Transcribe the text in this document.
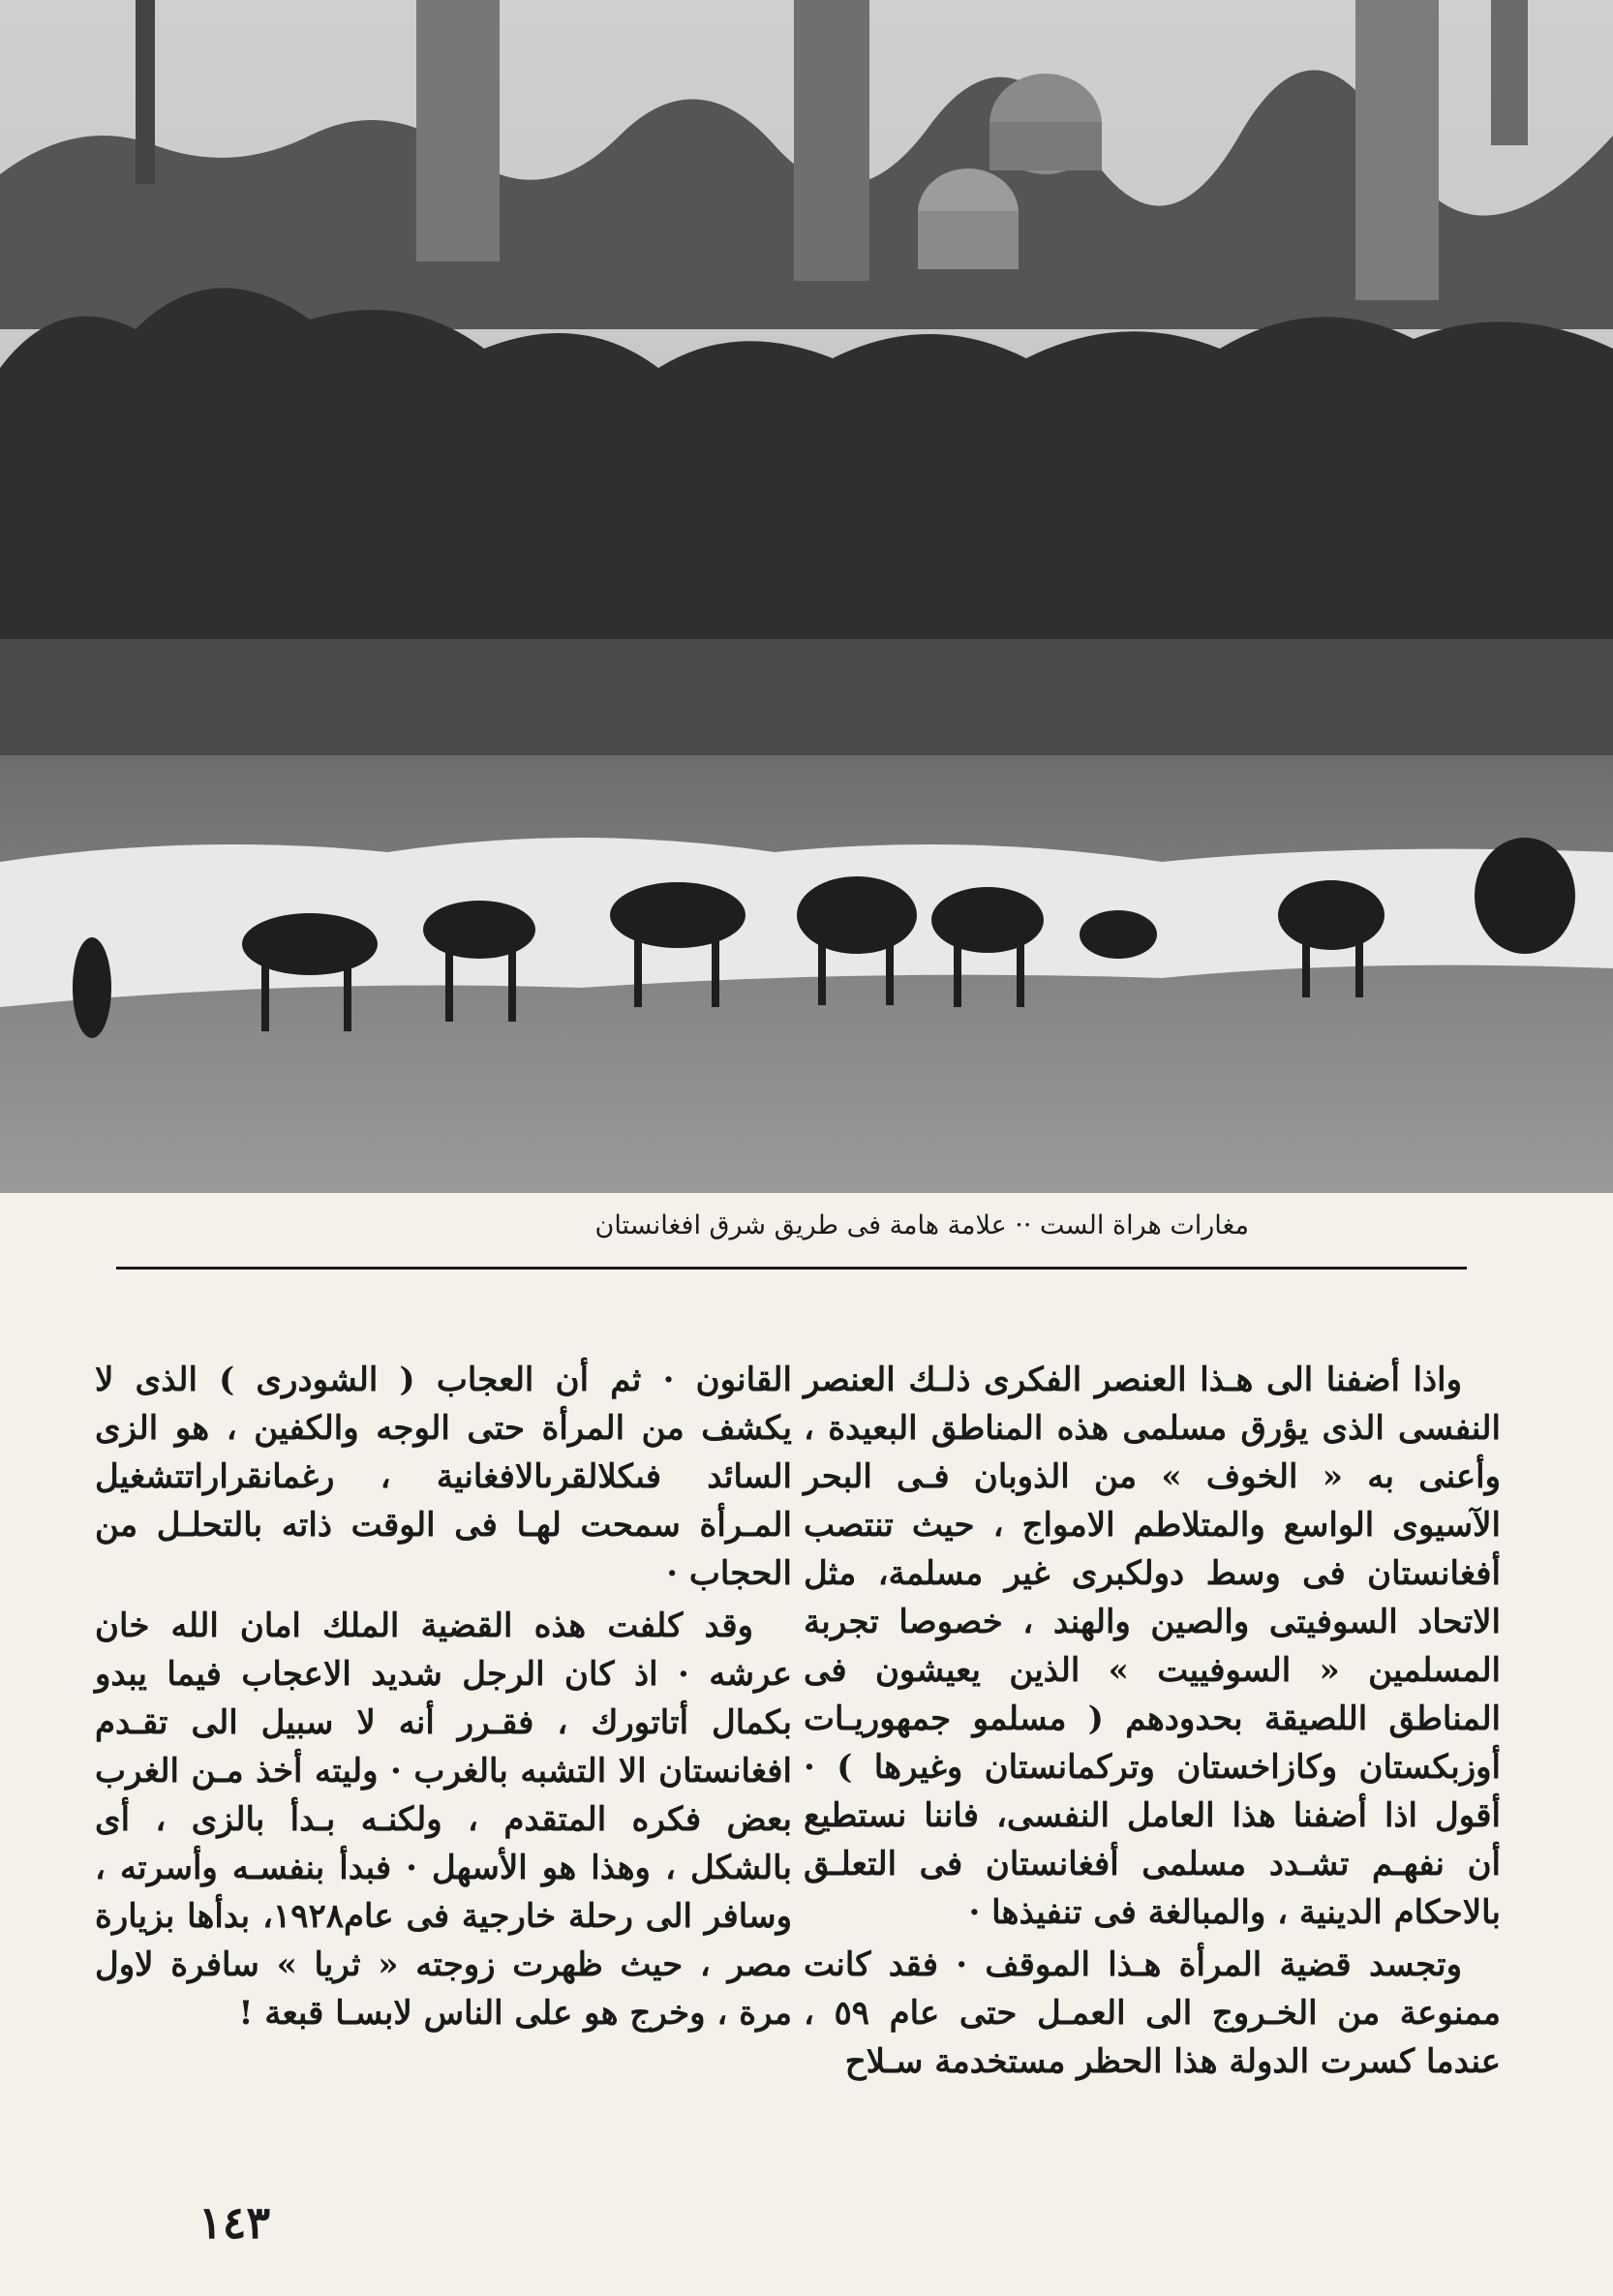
مغارات هراة الست ·· علامة هامة فى طريق شرق افغانستان

واذا أضفنا الى هـذا العنصر الفكرى ذلـك العنصر النفسى الذى يؤرق مسلمى هذه المناطق البعيدة ، وأعنى به « الخوف » من الذوبان فـى البحر الآسيوى الواسع والمتلاطم الامواج ، حيث تنتصب أفغانستان فى وسط دولكبرى غير مسلمة، مثل الاتحاد السوفيتى والصين والهند ، خصوصا تجربة المسلمين « السوفييت » الذين يعيشون فى المناطق اللصيقة بحدودهم ( مسلمو جمهوريـات أوزبكستان وكازاخستان وتركمانستان وغيرها ) · أقول اذا أضفنا هذا العامل النفسى، فاننا نستطيع أن نفهـم تشـدد مسلمى أفغانستان فى التعلـق بالاحكام الدينية ، والمبالغة فى تنفيذها ·

وتجسد قضية المرأة هـذا الموقف · فقد كانت ممنوعة من الخـروج الى العمـل حتى عام ٥٩ ، عندما كسرت الدولة هذا الحظر مستخدمة سـلاح

القانون · ثم أن العجاب ( الشودرى ) الذى لا يكشف من المرأة حتى الوجه والكفين ، هو الزى السائد فىكلالقرىالافغانية ، رغمانقراراتتشغيل المـرأة سمحت لهـا فى الوقت ذاته بالتحلـل من الحجاب ·

وقد كلفت هذه القضية الملك امان الله خان عرشه · اذ كان الرجل شديد الاعجاب فيما يبدو بكمال أتاتورك ، فقـرر أنه لا سبيل الى تقـدم افغانستان الا التشبه بالغرب · وليته أخذ مـن الغرب بعض فكره المتقدم ، ولكنـه بـدأ بالزى ، أى بالشكل ، وهذا هو الأسهل · فبدأ بنفسـه وأسرته ، وسافر الى رحلة خارجية فى عام١٩٢٨، بدأها بزيارة مصر ، حيث ظهرت زوجته « ثريا » سافرة لاول مرة ، وخرج هو على الناس لابسـا قبعة !

١٤٣
